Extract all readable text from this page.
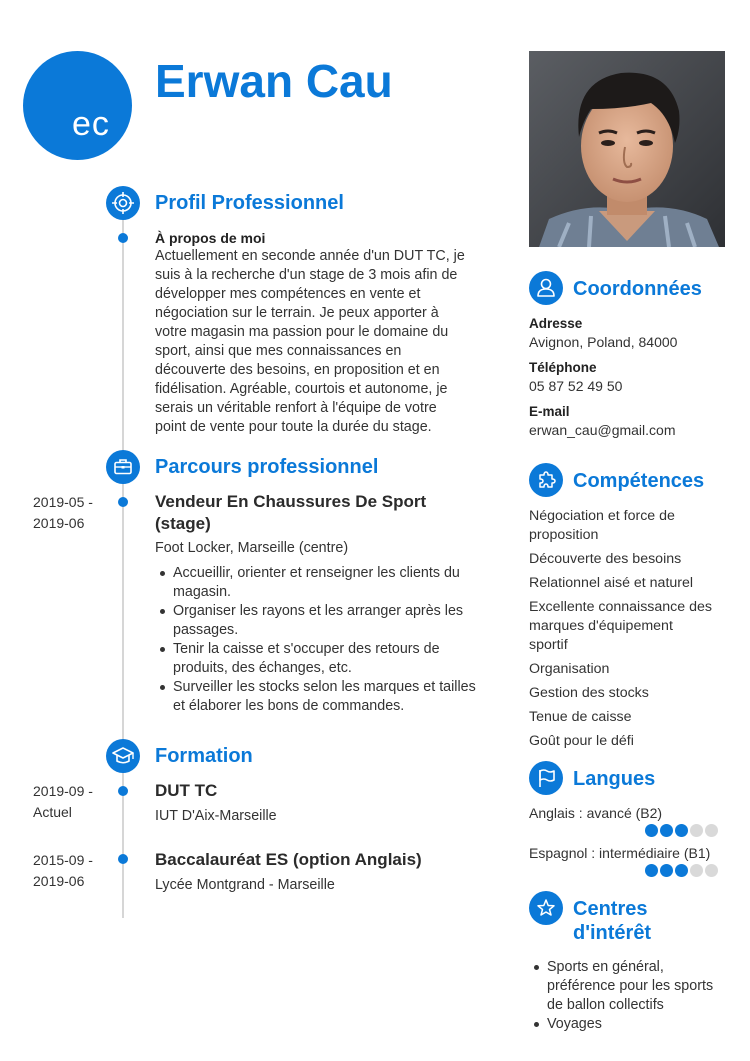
ec
Erwan Cau
Profil Professionnel
À propos de moi
Actuellement en seconde année d'un DUT TC, je
suis à la recherche d'un stage de 3 mois afin de
développer mes compétences en vente et
négociation sur le terrain. Je peux apporter à
votre magasin ma passion pour le domaine du
sport, ainsi que mes connaissances en
découverte des besoins, en proposition et en
fidélisation. Agréable, courtois et autonome, je
serais un véritable renfort à l'équipe de votre
point de vente pour toute la durée du stage.
Parcours professionnel
2019-05 -
2019-06
Vendeur En Chaussures De Sport
(stage)
Foot Locker, Marseille (centre)
Accueillir, orienter et renseigner les clients du
magasin.
Organiser les rayons et les arranger après les
passages.
Tenir la caisse et s'occuper des retours de
produits, des échanges, etc.
Surveiller les stocks selon les marques et tailles
et élaborer les bons de commandes.
Formation
2019-09 -
Actuel
DUT TC
IUT D'Aix-Marseille
2015-09 -
2019-06
Baccalauréat ES (option Anglais)
Lycée Montgrand - Marseille
Coordonnées
Adresse
Avignon, Poland, 84000
Téléphone
05 87 52 49 50
E-mail
erwan_cau@gmail.com
Compétences
Négociation et force de
proposition
Découverte des besoins
Relationnel aisé et naturel
Excellente connaissance des
marques d'équipement
sportif
Organisation
Gestion des stocks
Tenue de caisse
Goût pour le défi
Langues
Anglais : avancé (B2)
Espagnol : intermédiaire (B1)
Centres
d'intérêt
Sports en général,
préférence pour les sports
de ballon collectifs
Voyages
